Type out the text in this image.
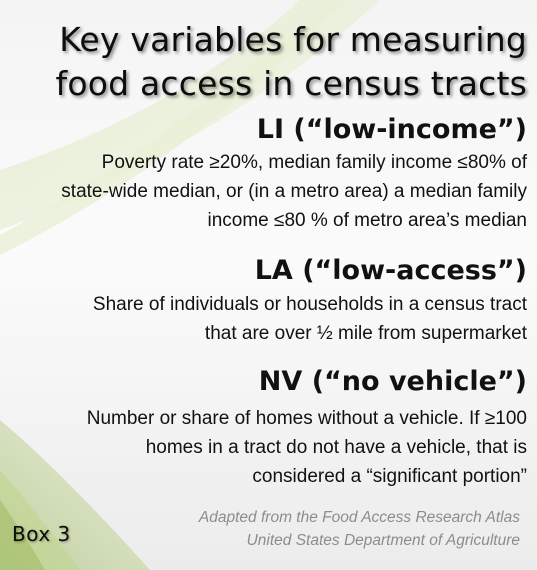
Key variables for measuring
food access in census tracts
LI (“low-income”)

Poverty rate ≥20%, median family income ≤80% of
state-wide median, or (in a metro area) a median family
income ≤80 % of metro area’s median

LA (“low-access”)

Share of individuals or households in a census tract
that are over ½ mile from supermarket

NV (“no vehicle”)

Number or share of homes without a vehicle. If ≥100
homes in a tract do not have a vehicle, that is
considered a “significant portion”

Adapted from the Food Access Research Atlas
United States Department of Agriculture

Box 3
